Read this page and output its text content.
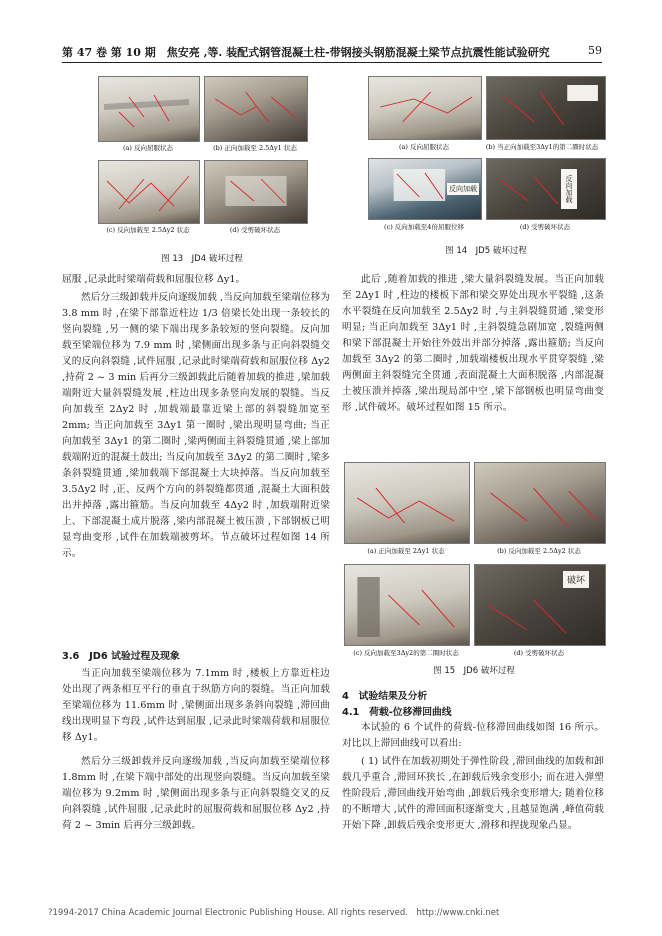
第 47 卷 第 10 期　焦安亮 ,等. 装配式钢管混凝土柱-带钢接头钢筋混凝土梁节点抗震性能试验研究	59
(a) 反向屈服状态	(b) 正向加载至 2.5Δy1 状态
(c) 反向加载至 2.5Δy2 状态	(d) 受剪破坏状态
图 13　JD4 破坏过程
(a) 反向屈服状态	(b) 当正向加载至3Δy1的第二圈时状态
反向加载
(c) 反向加载至4倍屈服位移
反向加载
(d) 受剪破坏状态
图 14　JD5 破坏过程

屈服 ,记录此时梁端荷载和屈服位移 Δy1。

然后分三级卸载并反向逐级加载 ,当反向加载至梁端位移为 3.8 mm 时 ,在梁下部靠近柱边 1/3 倍梁长处出现一条较长的竖向裂缝 ,另一侧的梁下端出现多条较短的竖向裂缝。反向加载至梁端位移为 7.9 mm 时 ,梁侧面出现多条与正向斜裂缝交叉的反向斜裂缝 ,试件屈服 ,记录此时梁端荷载和屈服位移 Δy2 ,持荷 2 ~ 3 min 后再分三级卸载此后随着加载的推进 ,梁加载端附近大量斜裂缝发展 ,柱边出现多条竖向发展的裂缝。当反向加载至 2Δy2 时 ,加载端最靠近梁上部的斜裂缝加宽至 2mm; 当正向加载至 3Δy1 第一圈时 ,梁出现明显弯曲; 当正向加载至 3Δy1 的第二圈时 ,梁两侧面主斜裂缝贯通 ,梁上部加载端附近的混凝土鼓出; 当反向加载至 3Δy2 的第二圈时 ,梁多条斜裂缝贯通 ,梁加载端下部混凝土大块掉落。当反向加载至 3.5Δy2 时 ,正、反两个方向的斜裂缝都贯通 ,混凝土大面积鼓出并掉落 ,露出箍筋。当反向加载至 4Δy2 时 ,加载端附近梁上、下部混凝土成片脱落 ,梁内部混凝土被压溃 ,下部钢板已明显弯曲变形 ,试件在加载端被剪坏。节点破坏过程如图 14 所示。

3.6　JD6 试验过程及现象

当正向加载至梁端位移为 7.1mm 时 ,楼板上方靠近柱边处出现了两条相互平行的垂直于纵筋方向的裂缝。当正向加载至梁端位移为 11.6mm 时 ,梁侧面出现多条斜向裂缝 ,滞回曲线出现明显下弯段 ,试件达到屈服 ,记录此时梁端荷载和屈服位移 Δy1。

然后分三级卸载并反向逐级加载 ,当反向加载至梁端位移 1.8mm 时 ,在梁下端中部处的出现竖向裂缝。当反向加载至梁端位移为 9.2mm 时 ,梁侧面出现多条与正向斜裂缝交叉的反向斜裂缝 ,试件屈服 ,记录此时的屈服荷载和屈服位移 Δy2 ,持荷 2 ~ 3min 后再分三级卸载。

此后 ,随着加载的推进 ,梁大量斜裂缝发展。当正向加载至 2Δy1 时 ,柱边的楼板下部和梁交界处出现水平裂缝 ,这条水平裂缝在反向加载至 2.5Δy2 时 ,与主斜裂缝贯通 ,梁变形明显; 当正向加载至 3Δy1 时 ,主斜裂缝急剧加宽 ,裂缝两侧和梁下部混凝土开始往外鼓出并部分掉落 ,露出箍筋; 当反向加载至 3Δy2 的第二圈时 ,加载端楼板出现水平贯穿裂缝 ,梁两侧面主斜裂缝完全贯通 ,表面混凝土大面积脱落 ,内部混凝土被压溃并掉落 ,梁出现局部中空 ,梁下部钢板也明显弯曲变形 ,试件破坏。破坏过程如图 15 所示。

(a) 正向加载至 2Δy1 状态	(b) 反向加载至 2.5Δy2 状态
(c) 反向加载至3Δy2的第二圈时状态
破坏
(d) 受剪破坏状态
图 15　JD6 破坏过程
4　试验结果及分析
4.1　荷载-位移滞回曲线

本试验的 6 个试件的荷载-位移滞回曲线如图 16 所示。对比以上滞回曲线可以看出:

( 1) 试件在加载初期处于弹性阶段 ,滞回曲线的加载和卸载几乎重合 ,滞回环狭长 ,在卸载后残余变形小; 而在进入弹塑性阶段后 ,滞回曲线开始弯曲 ,卸载后残余变形增大; 随着位移的不断增大 ,试件的滞回面积逐渐变大 ,且越显饱满 ,峰值荷载开始下降 ,卸载后残余变形更大 ,滑移和捏拢现象凸显。

?1994-2017 China Academic Journal Electronic Publishing House. All rights reserved.　http://www.cnki.net
